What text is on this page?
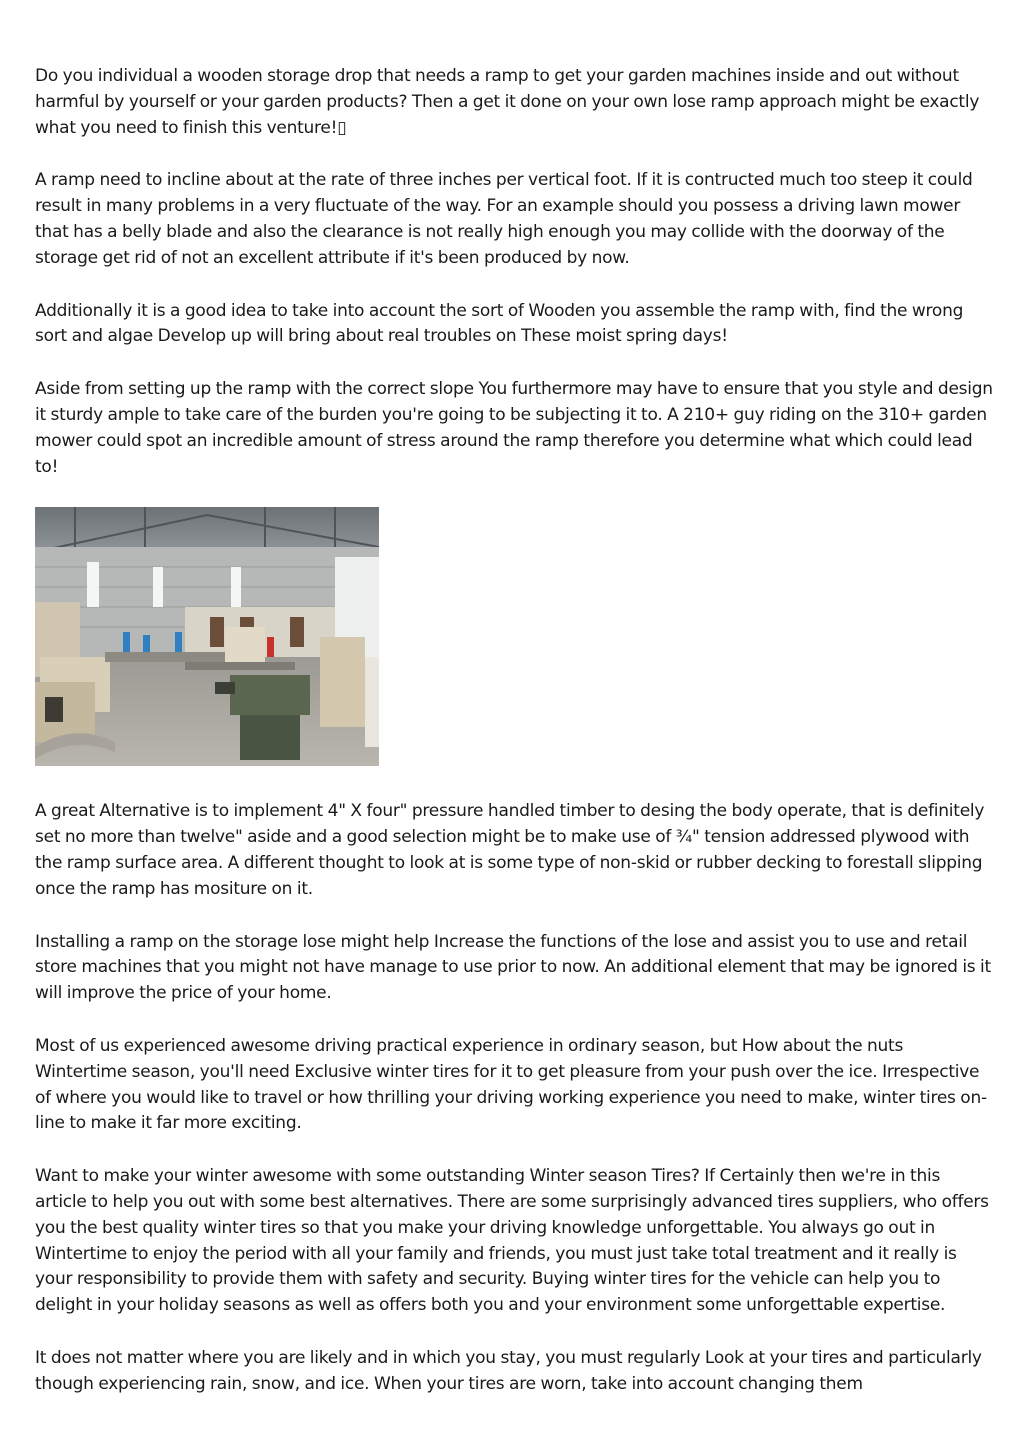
Do you individual a wooden storage drop that needs a ramp to get your garden machines inside and out without harmful by yourself or your garden products? Then a get it done on your own lose ramp approach might be exactly what you need to finish this venture!▯

A ramp need to incline about at the rate of three inches per vertical foot. If it is contructed much too steep it could result in many problems in a very fluctuate of the way. For an example should you possess a driving lawn mower that has a belly blade and also the clearance is not really high enough you may collide with the doorway of the storage get rid of not an excellent attribute if it's been produced by now.

Additionally it is a good idea to take into account the sort of Wooden you assemble the ramp with, find the wrong sort and algae Develop up will bring about real troubles on These moist spring days!

Aside from setting up the ramp with the correct slope You furthermore may have to ensure that you style and design it sturdy ample to take care of the burden you're going to be subjecting it to. A 210+ guy riding on the 310+ garden mower could spot an incredible amount of stress around the ramp therefore you determine what which could lead to!

A great Alternative is to implement 4" X four" pressure handled timber to desing the body operate, that is definitely set no more than twelve" aside and a good selection might be to make use of ¾" tension addressed plywood with the ramp surface area. A different thought to look at is some type of non-skid or rubber decking to forestall slipping once the ramp has mositure on it.

Installing a ramp on the storage lose might help Increase the functions of the lose and assist you to use and retail store machines that you might not have manage to use prior to now. An additional element that may be ignored is it will improve the price of your home.

Most of us experienced awesome driving practical experience in ordinary season, but How about the nuts Wintertime season, you'll need Exclusive winter tires for it to get pleasure from your push over the ice. Irrespective of where you would like to travel or how thrilling your driving working experience you need to make, winter tires on-line to make it far more exciting.

Want to make your winter awesome with some outstanding Winter season Tires? If Certainly then we're in this article to help you out with some best alternatives. There are some surprisingly advanced tires suppliers, who offers you the best quality winter tires so that you make your driving knowledge unforgettable. You always go out in Wintertime to enjoy the period with all your family and friends, you must just take total treatment and it really is your responsibility to provide them with safety and security. Buying winter tires for the vehicle can help you to delight in your holiday seasons as well as offers both you and your environment some unforgettable expertise.

It does not matter where you are likely and in which you stay, you must regularly Look at your tires and particularly though experiencing rain, snow, and ice. When your tires are worn, take into account changing them
